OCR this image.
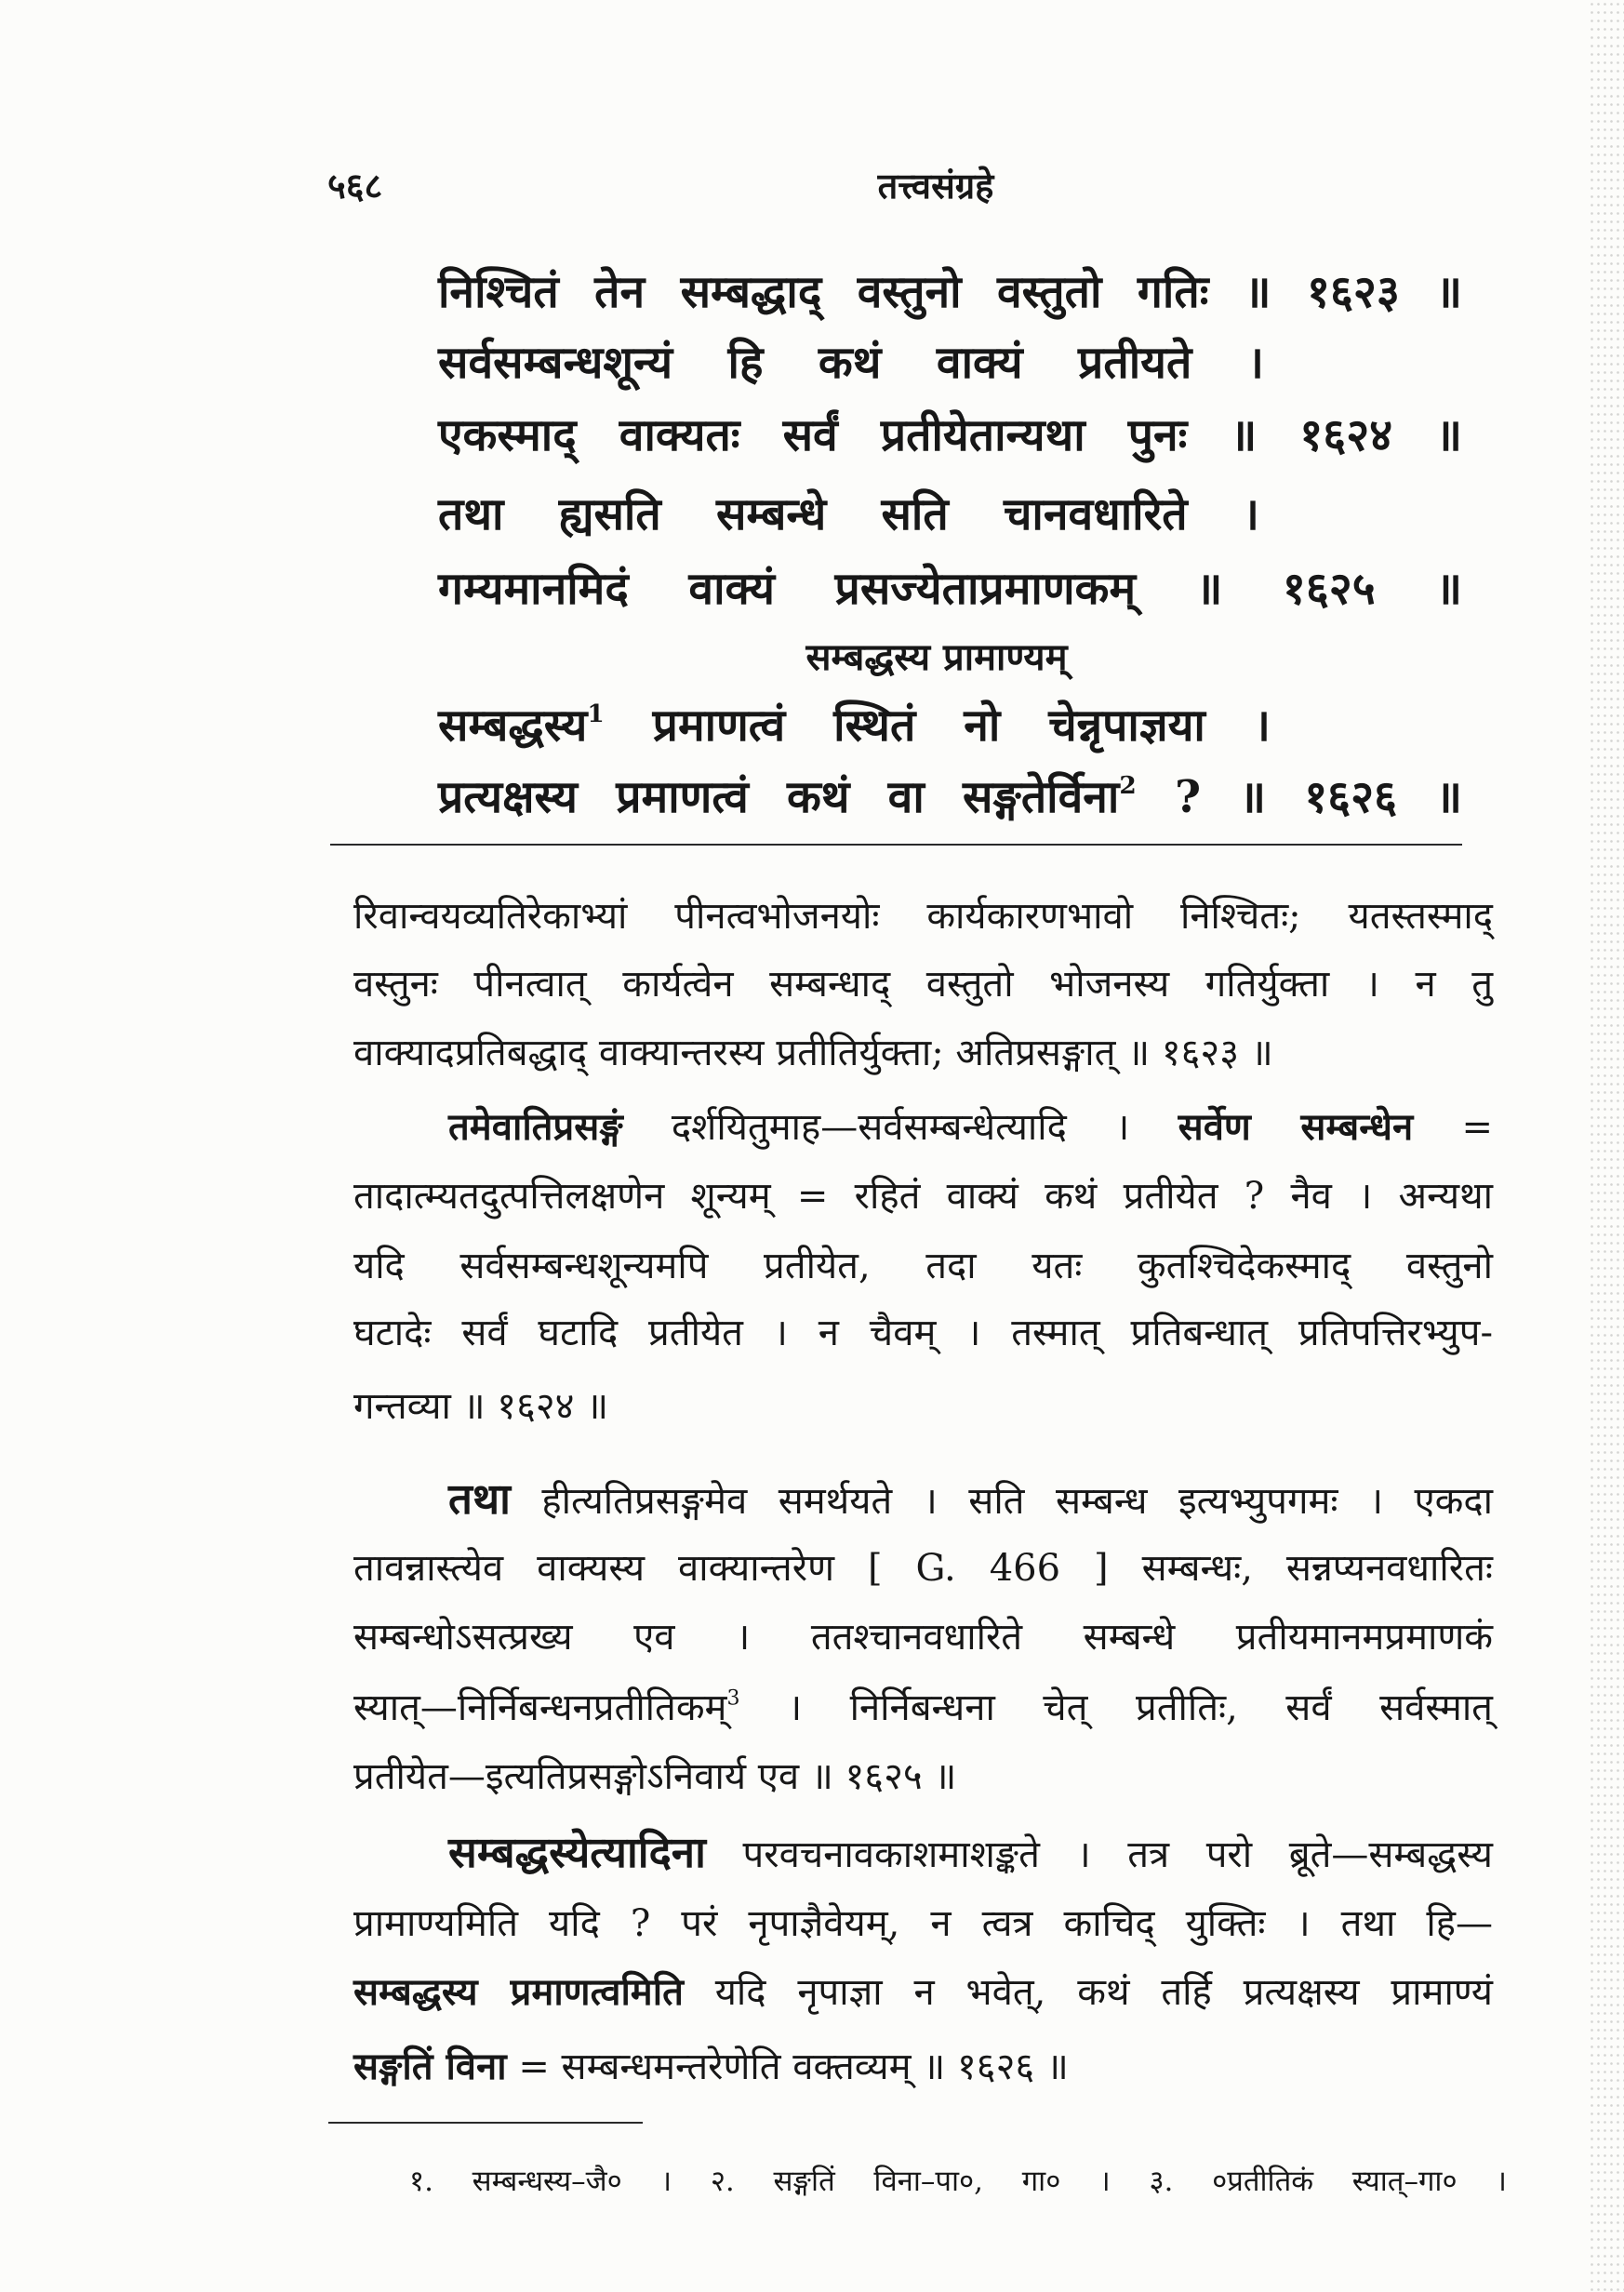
५६८	तत्त्वसंग्रहे
निश्चितं तेन सम्बद्धाद् वस्तुनो वस्तुतो गतिः ॥ १६२३ ॥
सर्वसम्बन्धशून्यं हि कथं वाक्यं प्रतीयते ।
एकस्माद् वाक्यतः सर्वं प्रतीयेतान्यथा पुनः ॥ १६२४ ॥
तथा ह्यसति सम्बन्धे सति चानवधारिते ।
गम्यमानमिदं वाक्यं प्रसज्येताप्रमाणकम् ॥ १६२५ ॥
सम्बद्धस्य प्रामाण्यम्
सम्बद्धस्य$^1$ प्रमाणत्वं स्थितं नो चेन्नृपाज्ञया ।
प्रत्यक्षस्य प्रमाणत्वं कथं वा सङ्गतेर्विना$^2$ ? ॥ १६२६ ॥
रिवान्वयव्यतिरेकाभ्यां पीनत्वभोजनयोः कार्यकारणभावो निश्चितः; यतस्तस्माद्
वस्तुनः पीनत्वात् कार्यत्वेन सम्बन्धाद् वस्तुतो भोजनस्य गतिर्युक्ता । न तु
वाक्यादप्रतिबद्धाद् वाक्यान्तरस्य प्रतीतिर्युक्ता; अतिप्रसङ्गात् ॥ १६२३ ॥
तमेवातिप्रसङ्गं दर्शयितुमाह—सर्वसम्बन्धेत्यादि । सर्वेण सम्बन्धेन =
तादात्म्यतदुत्पत्तिलक्षणेन शून्यम् = रहितं वाक्यं कथं प्रतीयेत ? नैव । अन्यथा
यदि सर्वसम्बन्धशून्यमपि प्रतीयेत, तदा यतः कुतश्चिदेकस्माद् वस्तुनो
घटादेः सर्वं घटादि प्रतीयेत । न चैवम् । तस्मात् प्रतिबन्धात् प्रतिपत्तिरभ्युप-
गन्तव्या ॥ १६२४ ॥
तथा हीत्यतिप्रसङ्गमेव समर्थयते । सति सम्बन्ध इत्यभ्युपगमः । एकदा
तावन्नास्त्येव वाक्यस्य वाक्यान्तरेण [ G. 466 ] सम्बन्धः, सन्नप्यनवधारितः
सम्बन्धोऽसत्प्रख्य एव । ततश्चानवधारिते सम्बन्धे प्रतीयमानमप्रमाणकं
स्यात्—निर्निबन्धनप्रतीतिकम्$^3$ । निर्निबन्धना चेत् प्रतीतिः, सर्वं सर्वस्मात्
प्रतीयेत—इत्यतिप्रसङ्गोऽनिवार्य एव ॥ १६२५ ॥
सम्बद्धस्येत्यादिना परवचनावकाशमाशङ्कते । तत्र परो ब्रूते—सम्बद्धस्य
प्रामाण्यमिति यदि ? परं नृपाज्ञैवेयम्, न त्वत्र काचिद् युक्तिः । तथा हि—
सम्बद्धस्य प्रमाणत्वमिति यदि नृपाज्ञा न भवेत्, कथं तर्हि प्रत्यक्षस्य प्रामाण्यं
सङ्गतिं विना = सम्बन्धमन्तरेणेति वक्तव्यम् ॥ १६२६ ॥
१. सम्बन्धस्य–जै० । २. सङ्गतिं विना–पा०, गा० । ३. ०प्रतीतिकं स्यात्–गा० ।
